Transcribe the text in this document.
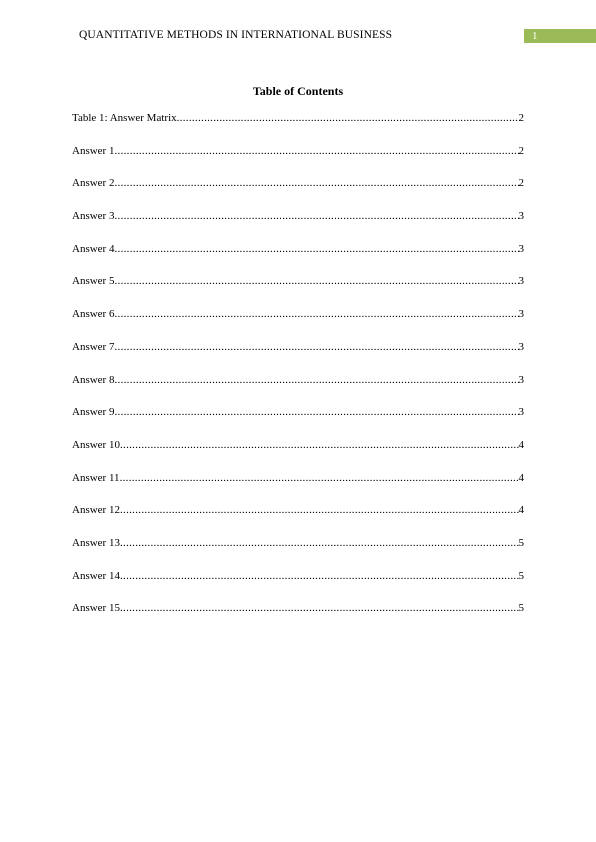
QUANTITATIVE METHODS IN INTERNATIONAL BUSINESS	1
Table of Contents
Table 1: Answer Matrix .....	2
Answer 1 .....	2
Answer 2 .....	2
Answer 3 .....	3
Answer 4 .....	3
Answer 5 .....	3
Answer 6 .....	3
Answer 7 .....	3
Answer 8 .....	3
Answer 9 .....	3
Answer 10 .....	4
Answer 11 .....	4
Answer 12 .....	4
Answer 13 .....	5
Answer 14 .....	5
Answer 15 .....	5
